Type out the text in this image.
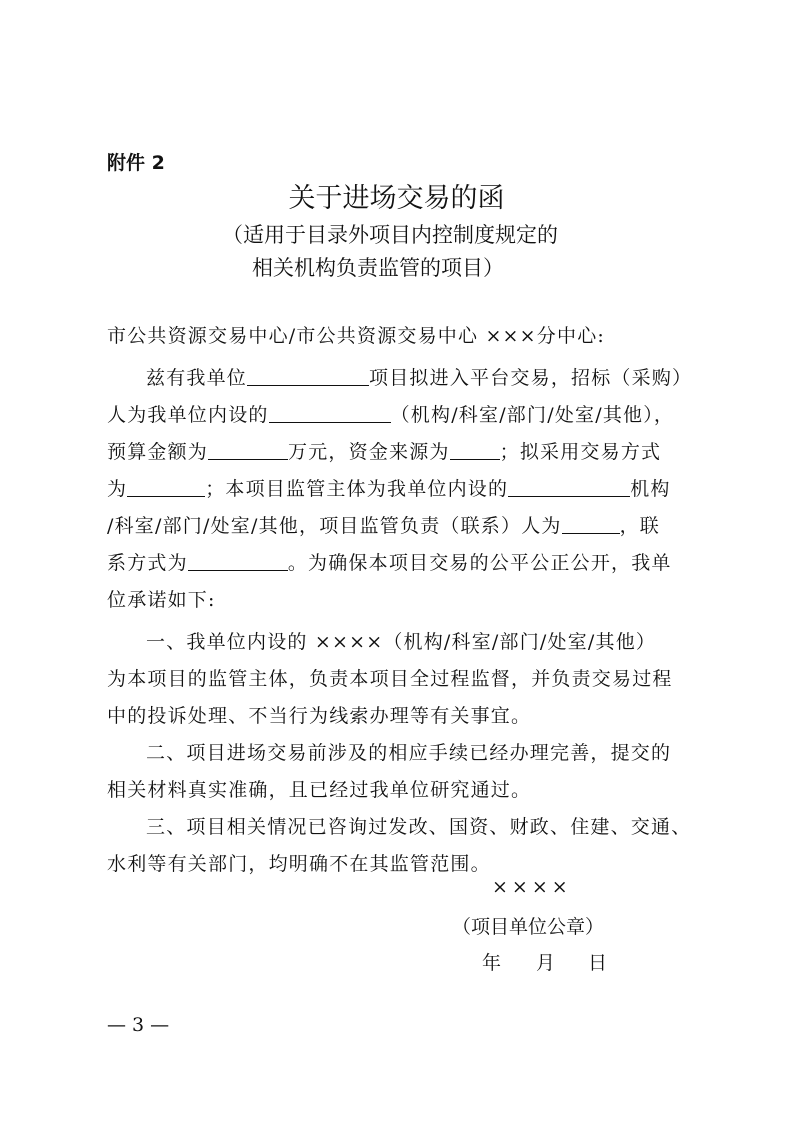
附件 2
关于进场交易的函
（适用于目录外项目内控制度规定的
相关机构负责监管的项目）
市公共资源交易中心/市公共资源交易中心 ×××分中心:
兹有我单位	项目拟进入平台交易，招标（采购）
人为我单位内设的	（机构/科室/部门/处室/其他），
预算金额为	万元，资金来源为	；拟采用交易方式
为	；本项目监管主体为我单位内设的	机构
/科室/部门/处室/其他，项目监管负责（联系）人为	，联
系方式为	。为确保本项目交易的公平公正公开，我单
位承诺如下:
一、我单位内设的 ××××（机构/科室/部门/处室/其他）
为本项目的监管主体，负责本项目全过程监督，并负责交易过程
中的投诉处理、不当行为线索办理等有关事宜。
二、项目进场交易前涉及的相应手续已经办理完善，提交的
相关材料真实准确，且已经过我单位研究通过。
三、项目相关情况已咨询过发改、国资、财政、住建、交通、
水利等有关部门，均明确不在其监管范围。
××××
（项目单位公章）
年 月 日
— 3 —
